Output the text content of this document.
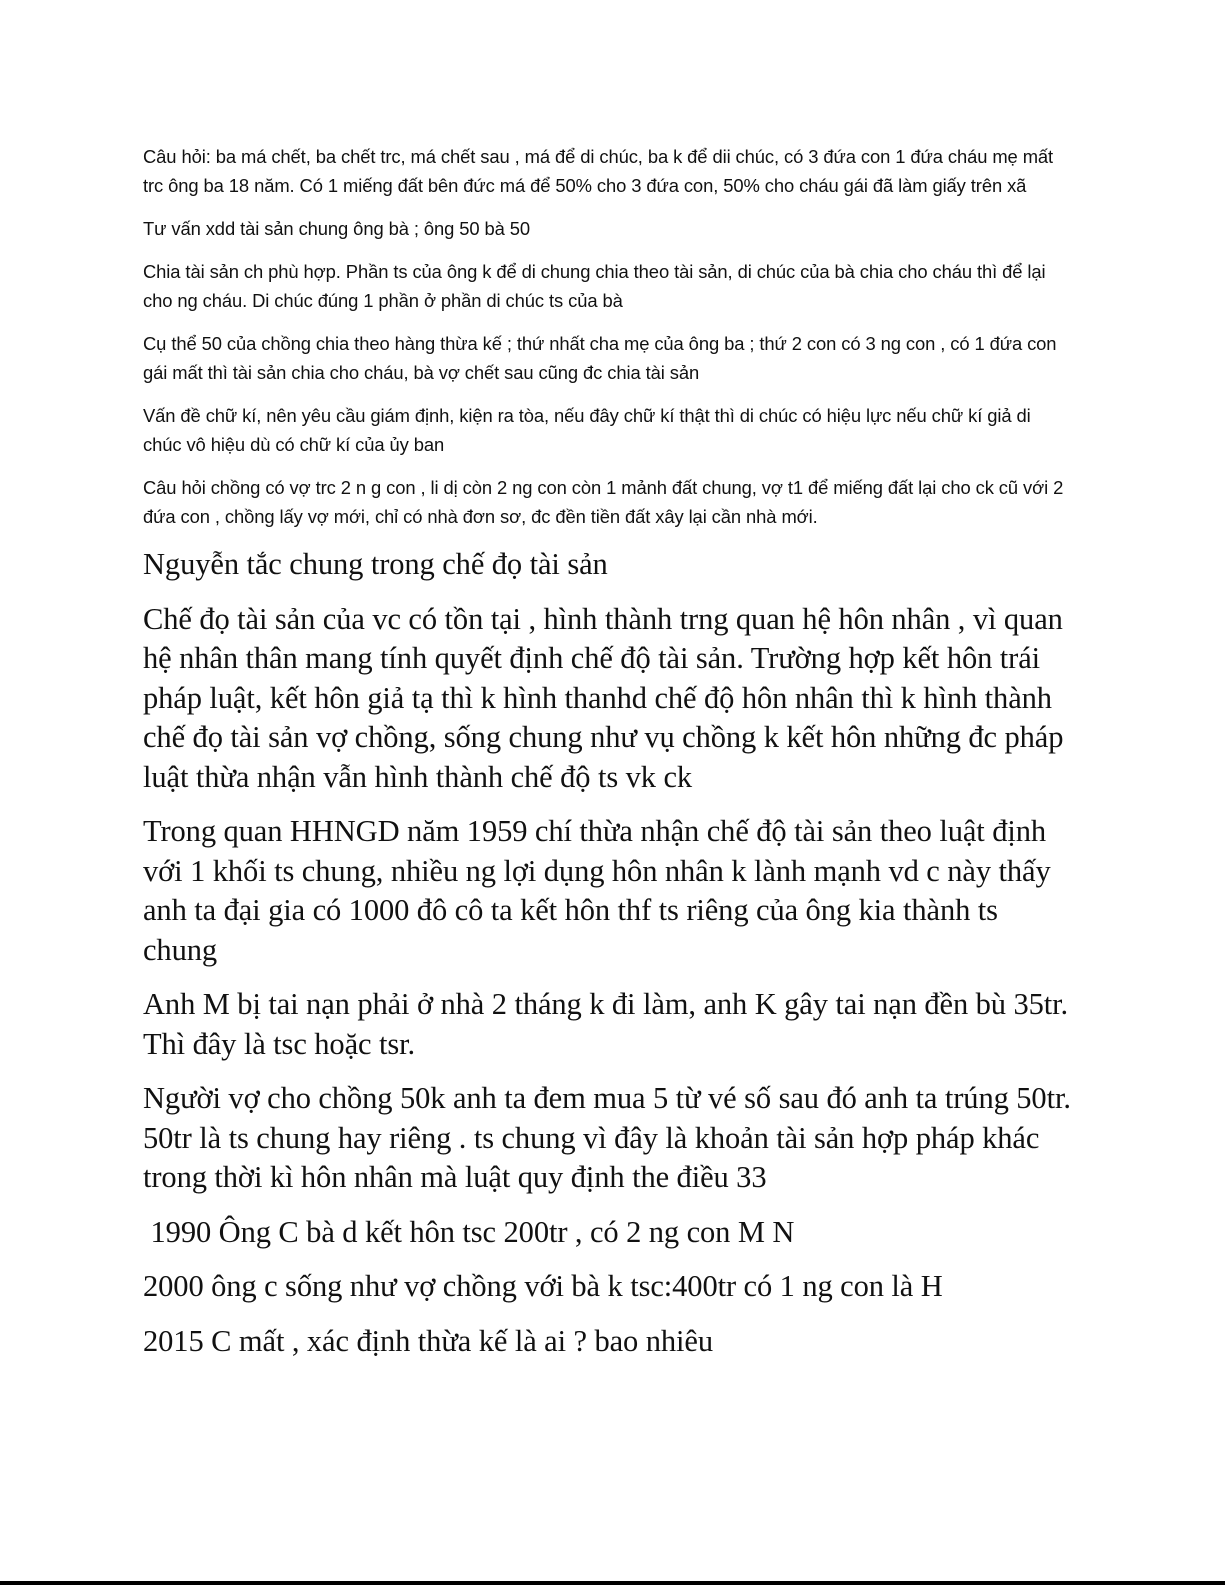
Câu hỏi: ba má chết, ba chết trc, má chết sau , má để di chúc, ba k để dii chúc, có 3 đứa con 1 đứa cháu mẹ mất trc ông ba 18 năm. Có 1 miếng đất bên đức má để 50% cho 3 đứa con, 50% cho cháu gái đã làm giấy trên xã

Tư vấn xdd tài sản chung ông bà ; ông 50 bà 50

Chia tài sản ch phù hợp. Phần ts của ông k để di chung chia theo tài sản, di chúc của bà chia cho cháu thì để lại cho ng cháu. Di chúc đúng 1 phần ở phần di chúc ts của bà

Cụ thể 50 của chồng chia theo hàng thừa kế ; thứ nhất cha mẹ của ông ba ; thứ 2 con có 3 ng con , có 1 đứa con gái mất thì tài sản chia cho cháu, bà vợ chết sau cũng đc chia tài sản

Vấn đề chữ kí, nên yêu cầu giám định, kiện ra tòa, nếu đây chữ kí thật thì di chúc có hiệu lực nếu chữ kí giả di chúc vô hiệu dù có chữ kí của ủy ban

Câu hỏi chồng có vợ trc 2 n g con , li dị còn 2 ng con còn 1 mảnh đất chung, vợ t1 để miếng đất lại cho ck cũ với 2 đứa con , chồng lấy vợ mới, chỉ có nhà đơn sơ, đc đền tiền đất xây lại cần nhà mới.

Nguyễn tắc chung trong chế đọ tài sản

Chế đọ tài sản của vc có tồn tại , hình thành trng quan hệ hôn nhân , vì quan hệ nhân thân mang tính quyết định chế độ tài sản. Trường hợp kết hôn trái pháp luật, kết hôn giả tạ thì k hình thanhd chế độ hôn nhân thì k hình thành chế đọ tài sản vợ chồng, sống chung như vụ chồng k kết hôn những đc pháp luật thừa nhận vẫn hình thành chế độ ts vk ck

Trong quan HHNGD năm 1959 chí thừa nhận chế độ tài sản theo luật định với 1 khối ts chung, nhiều ng lợi dụng hôn nhân k lành mạnh vd c này thấy anh ta đại gia có 1000 đô cô ta kết hôn thf ts riêng của ông kia thành ts chung

Anh M bị tai nạn phải ở nhà 2 tháng k đi làm, anh K gây tai nạn đền bù 35tr. Thì đây là tsc hoặc tsr.

Người vợ cho chồng 50k anh ta đem mua 5 từ vé số sau đó anh ta trúng 50tr. 50tr là ts chung hay riêng . ts chung vì đây là khoản tài sản hợp pháp khác trong thời kì hôn nhân mà luật quy định the điều 33

1990 Ông C bà d kết hôn tsc 200tr , có 2 ng con M N

2000 ông c sống như vợ chồng với bà k tsc:400tr có 1 ng con là H

2015 C mất , xác định thừa kế là ai ? bao nhiêu
